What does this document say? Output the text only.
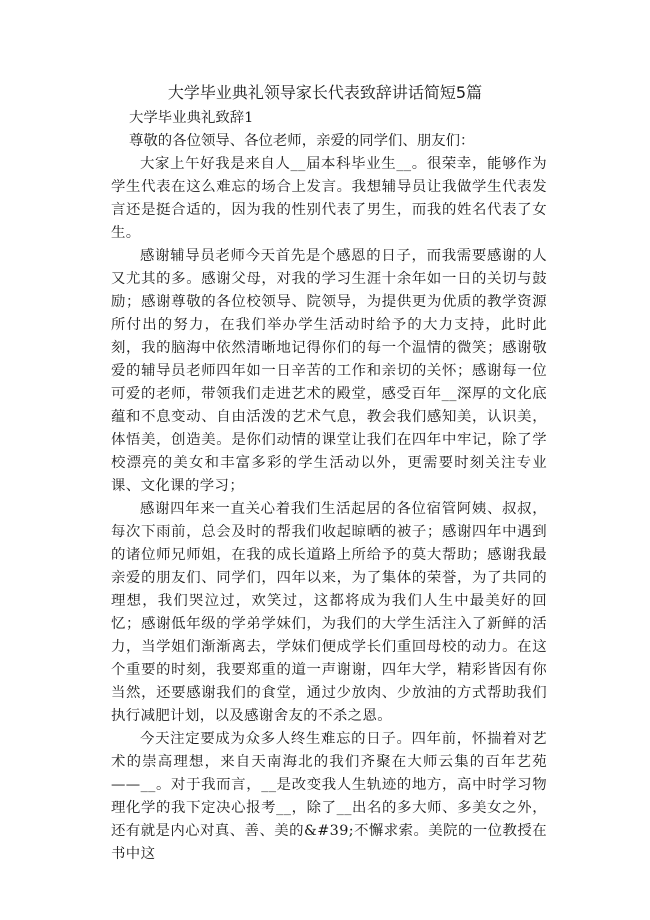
大学毕业典礼领导家长代表致辞讲话简短5篇

大学毕业典礼致辞1

尊敬的各位领导、各位老师，亲爱的同学们、朋友们：

大家上午好我是来自人__届本科毕业生__。很荣幸，能够作为学生代表在这么难忘的场合上发言。我想辅导员让我做学生代表发言还是挺合适的，因为我的性别代表了男生，而我的姓名代表了女生。

感谢辅导员老师今天首先是个感恩的日子，而我需要感谢的人又尤其的多。感谢父母，对我的学习生涯十余年如一日的关切与鼓励；感谢尊敬的各位校领导、院领导，为提供更为优质的教学资源所付出的努力，在我们举办学生活动时给予的大力支持，此时此刻，我的脑海中依然清晰地记得你们的每一个温情的微笑；感谢敬爱的辅导员老师四年如一日辛苦的工作和亲切的关怀；感谢每一位可爱的老师，带领我们走进艺术的殿堂，感受百年__深厚的文化底蕴和不息变动、自由活泼的艺术气息，教会我们感知美，认识美，体悟美，创造美。是你们动情的课堂让我们在四年中牢记，除了学校漂亮的美女和丰富多彩的学生活动以外，更需要时刻关注专业课、文化课的学习；

感谢四年来一直关心着我们生活起居的各位宿管阿姨、叔叔，每次下雨前，总会及时的帮我们收起晾晒的被子；感谢四年中遇到的诸位师兄师姐，在我的成长道路上所给予的莫大帮助；感谢我最亲爱的朋友们、同学们，四年以来，为了集体的荣誉，为了共同的理想，我们哭泣过，欢笑过，这都将成为我们人生中最美好的回忆；感谢低年级的学弟学妹们，为我们的大学生活注入了新鲜的活力，当学姐们渐渐离去，学妹们便成学长们重回母校的动力。在这个重要的时刻，我要郑重的道一声谢谢，四年大学，精彩皆因有你当然，还要感谢我们的食堂，通过少放肉、少放油的方式帮助我们执行减肥计划，以及感谢舍友的不杀之恩。

今天注定要成为众多人终生难忘的日子。四年前，怀揣着对艺术的崇高理想，来自天南海北的我们齐聚在大师云集的百年艺苑——__。对于我而言，__是改变我人生轨迹的地方，高中时学习物理化学的我下定决心报考__，除了__出名的多大师、多美女之外，还有就是内心对真、善、美的&#39;不懈求索。美院的一位教授在书中这
